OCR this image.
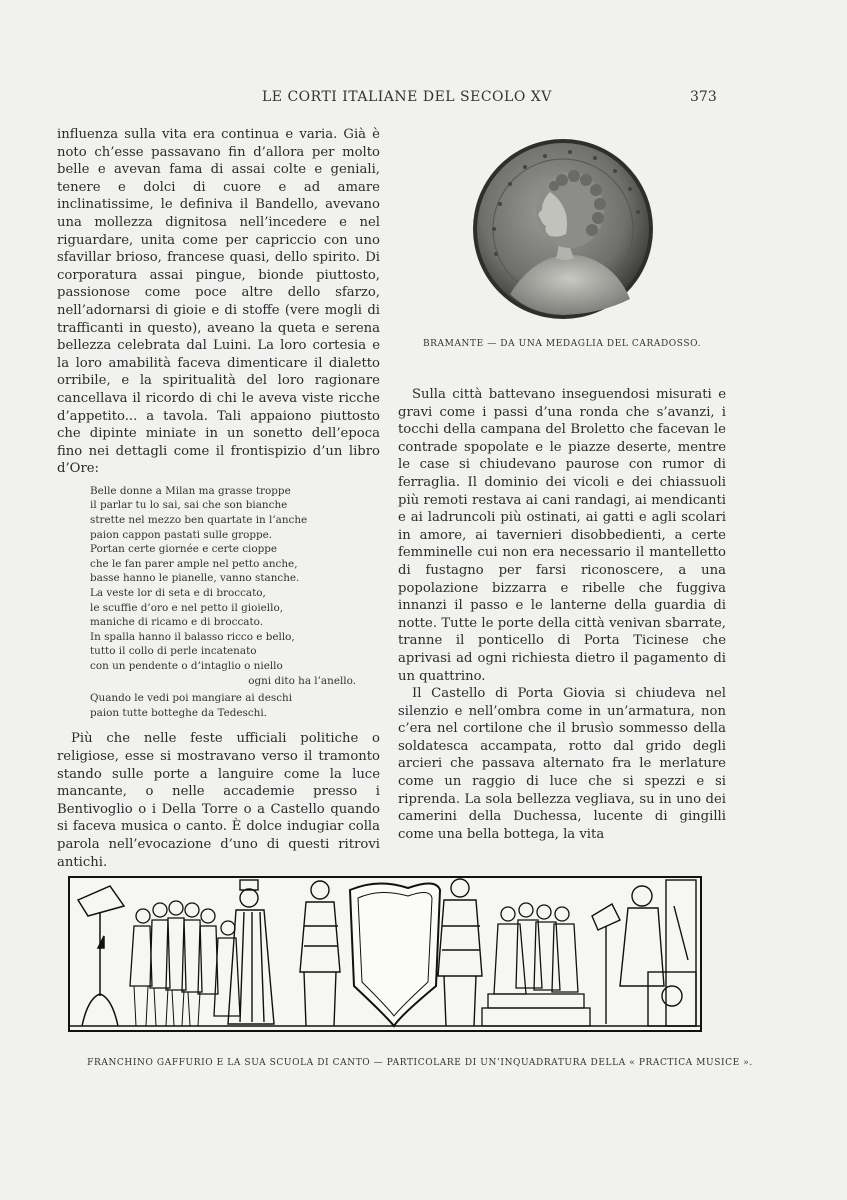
LE CORTI ITALIANE DEL SECOLO XV	373

influenza sulla vita era continua e varia. Già è noto ch’esse passavano fin d’allora per molto belle e avevan fama di assai colte e geniali, tenere e dolci di cuore e ad amare inclinatissime, le definiva il Bandello, avevano una mollezza dignitosa nell’incedere e nel riguardare, unita come per capriccio con uno sfavillar brioso, francese quasi, dello spirito. Di corporatura assai pingue, bionde piuttosto, passionose come poce altre dello sfarzo, nell’adornarsi di gioie e di stoffe (vere mogli di trafficanti in questo), aveano la queta e serena bellezza celebrata dal Luini. La loro cortesia e la loro amabilità faceva dimenticare il dialetto orribile, e la spiritualità del loro ragionare cancellava il ricordo di chi le aveva viste ricche d’appetito... a tavola. Tali appaiono piuttosto che dipinte miniate in un sonetto dell’epoca fino nei dettagli come il frontispizio d’un libro d’Ore:

Belle donne a Milan ma grasse troppe
il parlar tu lo sai, sai che son bianche
strette nel mezzo ben quartate in l’anche
paion cappon pastati sulle groppe.
Portan certe giornée e certe cioppe
che le fan parer ample nel petto anche,
basse hanno le pianelle, vanno stanche.
La veste lor di seta e di broccato,
le scuffie d’oro e nel petto il gioiello,
maniche di ricamo e di broccato.
In spalla hanno il balasso ricco e bello,
tutto il collo di perle incatenato
con un pendente o d’intaglio o niello
ogni dito ha l’anello.
Quando le vedi poi mangiare ai deschi
paion tutte botteghe da Tedeschi.

Più che nelle feste ufficiali politiche o religiose, esse si mostravano verso il tramonto stando sulle porte a languire come la luce mancante, o nelle accademie presso i Bentivoglio o i Della Torre o a Castello quando si faceva musica o canto. È dolce indugiar colla parola nell’evocazione d’uno di questi ritrovi antichi.

BRAMANTE — DA UNA MEDAGLIA DEL CARADOSSO.

Sulla città battevano inseguendosi misurati e gravi come i passi d’una ronda che s’avanzi, i tocchi della campana del Broletto che facevan le contrade spopolate e le piazze deserte, mentre le case si chiudevano paurose con rumor di ferraglia. Il dominio dei vicoli e dei chiassuoli più remoti restava ai cani randagi, ai mendicanti e ai ladruncoli più ostinati, ai gatti e agli scolari in amore, ai tavernieri disobbedienti, a certe femminelle cui non era necessario il mantelletto di fustagno per farsi riconoscere, a una popolazione bizzarra e ribelle che fuggiva innanzi il passo e le lanterne della guardia di notte. Tutte le porte della città venivan sbarrate, tranne il ponticello di Porta Ticinese che aprivasi ad ogni richiesta dietro il pagamento di un quattrino.

Il Castello di Porta Giovia si chiudeva nel silenzio e nell’ombra come in un’armatura, non c’era nel cortilone che il brusìo sommesso della soldatesca accampata, rotto dal grido degli arcieri che passava alternato fra le merlature come un raggio di luce che si spezzi e si riprenda. La sola bellezza vegliava, su in uno dei camerini della Duchessa, lucente di gingilli come una bella bottega, la vita

FRANCHINO GAFFURIO E LA SUA SCUOLA DI CANTO — PARTICOLARE DI UN’INQUADRATURA DELLA « PRACTICA MUSICE ».
